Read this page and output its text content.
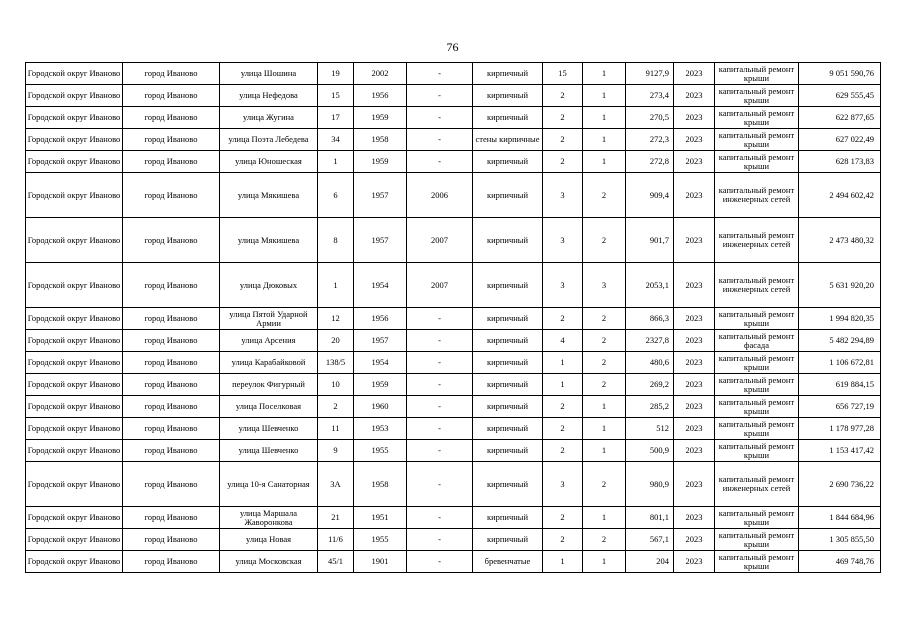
76
Городской округ Иваново	город Иваново	улица Шошина	19	2002	-	кирпичный	15	1	9127,9	2023	капитальный ремонт крыши	9 051 590,76
Городской округ Иваново	город Иваново	улица Нефедова	15	1956	-	кирпичный	2	1	273,4	2023	капитальный ремонт крыши	629 555,45
Городской округ Иваново	город Иваново	улица Жугина	17	1959	-	кирпичный	2	1	270,5	2023	капитальный ремонт крыши	622 877,65
Городской округ Иваново	город Иваново	улица Поэта Лебедева	34	1958	-	стены кирпичные	2	1	272,3	2023	капитальный ремонт крыши	627 022,49
Городской округ Иваново	город Иваново	улица Юношеская	1	1959	-	кирпичный	2	1	272,8	2023	капитальный ремонт крыши	628 173,83
Городской округ Иваново	город Иваново	улица Мякишева	6	1957	2006	кирпичный	3	2	909,4	2023	капитальный ремонт инженерных сетей	2 494 602,42
Городской округ Иваново	город Иваново	улица Мякишева	8	1957	2007	кирпичный	3	2	901,7	2023	капитальный ремонт инженерных сетей	2 473 480,32
Городской округ Иваново	город Иваново	улица Дюковых	1	1954	2007	кирпичный	3	3	2053,1	2023	капитальный ремонт инженерных сетей	5 631 920,20
Городской округ Иваново	город Иваново	улица Пятой Ударной Армии	12	1956	-	кирпичный	2	2	866,3	2023	капитальный ремонт крыши	1 994 820,35
Городской округ Иваново	город Иваново	улица Арсения	20	1957	-	кирпичный	4	2	2327,8	2023	капитальный ремонт фасада	5 482 294,89
Городской округ Иваново	город Иваново	улица Карабайковой	138/5	1954	-	кирпичный	1	2	480,6	2023	капитальный ремонт крыши	1 106 672,81
Городской округ Иваново	город Иваново	переулок Фигурный	10	1959	-	кирпичный	1	2	269,2	2023	капитальный ремонт крыши	619 884,15
Городской округ Иваново	город Иваново	улица Поселковая	2	1960	-	кирпичный	2	1	285,2	2023	капитальный ремонт крыши	656 727,19
Городской округ Иваново	город Иваново	улица Шевченко	11	1953	-	кирпичный	2	1	512	2023	капитальный ремонт крыши	1 178 977,28
Городской округ Иваново	город Иваново	улица Шевченко	9	1955	-	кирпичный	2	1	500,9	2023	капитальный ремонт крыши	1 153 417,42
Городской округ Иваново	город Иваново	улица 10-я Санаторная	3А	1958	-	кирпичный	3	2	980,9	2023	капитальный ремонт инженерных сетей	2 690 736,22
Городской округ Иваново	город Иваново	улица Маршала Жаворонкова	21	1951	-	кирпичный	2	1	801,1	2023	капитальный ремонт крыши	1 844 684,96
Городской округ Иваново	город Иваново	улица Новая	11/6	1955	-	кирпичный	2	2	567,1	2023	капитальный ремонт крыши	1 305 855,50
Городской округ Иваново	город Иваново	улица Московская	45/1	1901	-	бревенчатые	1	1	204	2023	капитальный ремонт крыши	469 748,76
